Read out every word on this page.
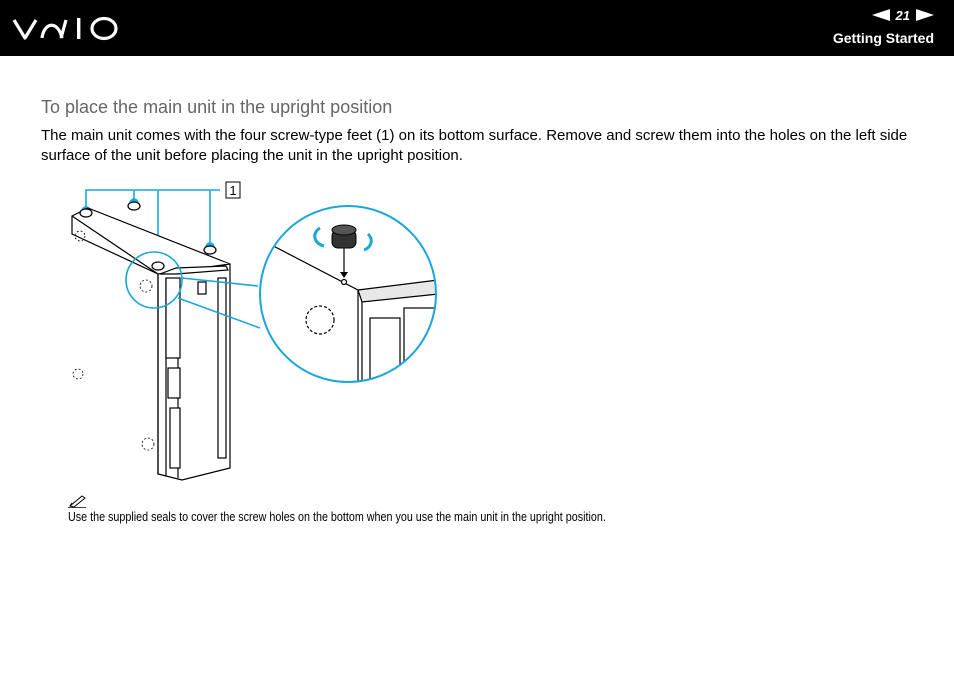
21
Getting Started
To place the main unit in the upright position

The main unit comes with the four screw-type feet (1) on its bottom surface. Remove and screw them into the holes on the left side surface of the unit before placing the unit in the upright position.

1
Use the supplied seals to cover the screw holes on the bottom when you use the main unit in the upright position.
